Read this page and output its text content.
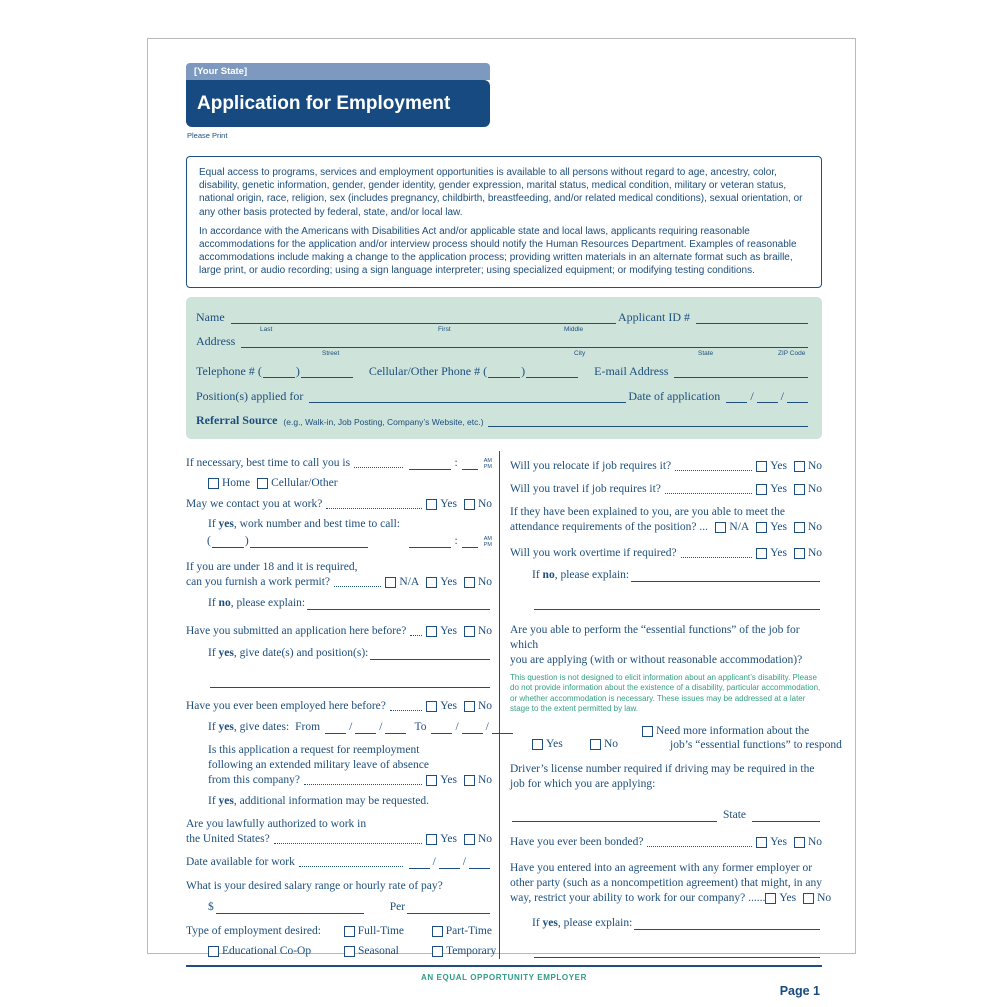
[Your State]
Application for Employment
Please Print

Equal access to programs, services and employment opportunities is available to all persons without regard to age, ancestry, color, disability, genetic information, gender, gender identity, gender expression, marital status, medical condition, military or veteran status, national origin, race, religion, sex (includes pregnancy, childbirth, breastfeeding, and/or related medical conditions), sexual orientation, or any other basis protected by federal, state, and/or local law.

In accordance with the Americans with Disabilities Act and/or applicable state and local laws, applicants requiring reasonable accommodations for the application and/or interview process should notify the Human Resources Department. Examples of reasonable accommodations include making a change to the application process; providing written materials in an alternate format such as braille, large print, or audio recording; using a sign language interpreter; using specialized equipment; or modifying testing conditions.

Name	Applicant ID #
Last	First	Middle
Address
Street	City	State	ZIP Code
Telephone # (	)	Cellular/Other Phone # (	)	E-mail Address
Position(s) applied for	Date of application	/ /
Referral Source (e.g., Walk-in, Job Posting, Company’s Website, etc.)
If necessary, best time to call you is	:	AM
PM
Home Cellular/Other
May we contact you at work?	Yes No
If yes, work number and best time to call:
(	)	:	AM
PM
If you are under 18 and it is required,
can you furnish a work permit?	N/A Yes No
If no, please explain:
Have you submitted an application here before?	Yes No
If yes, give date(s) and position(s):
Have you ever been employed here before?	Yes No
If yes, give dates: From	/ /	To	/ /
Is this application a request for reemployment
following an extended military leave of absence
from this company?	Yes No
If yes, additional information may be requested.
Are you lawfully authorized to work in
the United States?	Yes No
Date available for work	/ /
What is your desired salary range or hourly rate of pay?
$	Per
Type of employment desired:	Full-Time	Part-Time
Educational Co-Op	Seasonal	Temporary
Will you relocate if job requires it?	Yes No
Will you travel if job requires it?	Yes No
If they have been explained to you, are you able to meet the
attendance requirements of the position? ... N/A Yes No
Will you work overtime if required?	Yes No
If no, please explain:
Are you able to perform the “essential functions” of the job for which
you are applying (with or without reasonable accommodation)?
This question is not designed to elicit information about an applicant’s disability. Please do not provide information about the existence of a disability, particular accommodation, or whether accommodation is necessary. These issues may be addressed at a later stage to the extent permitted by law.
Yes	No
Need more information about the
job’s “essential functions” to respond
Driver’s license number required if driving may be required in the
job for which you are applying:
State
Have you ever been bonded?	Yes No
Have you entered into an agreement with any former employer or
other party (such as a noncompetition agreement) that might, in any
way, restrict your ability to work for our company? ...... Yes No
If yes, please explain:
AN EQUAL OPPORTUNITY EMPLOYER
Page 1
